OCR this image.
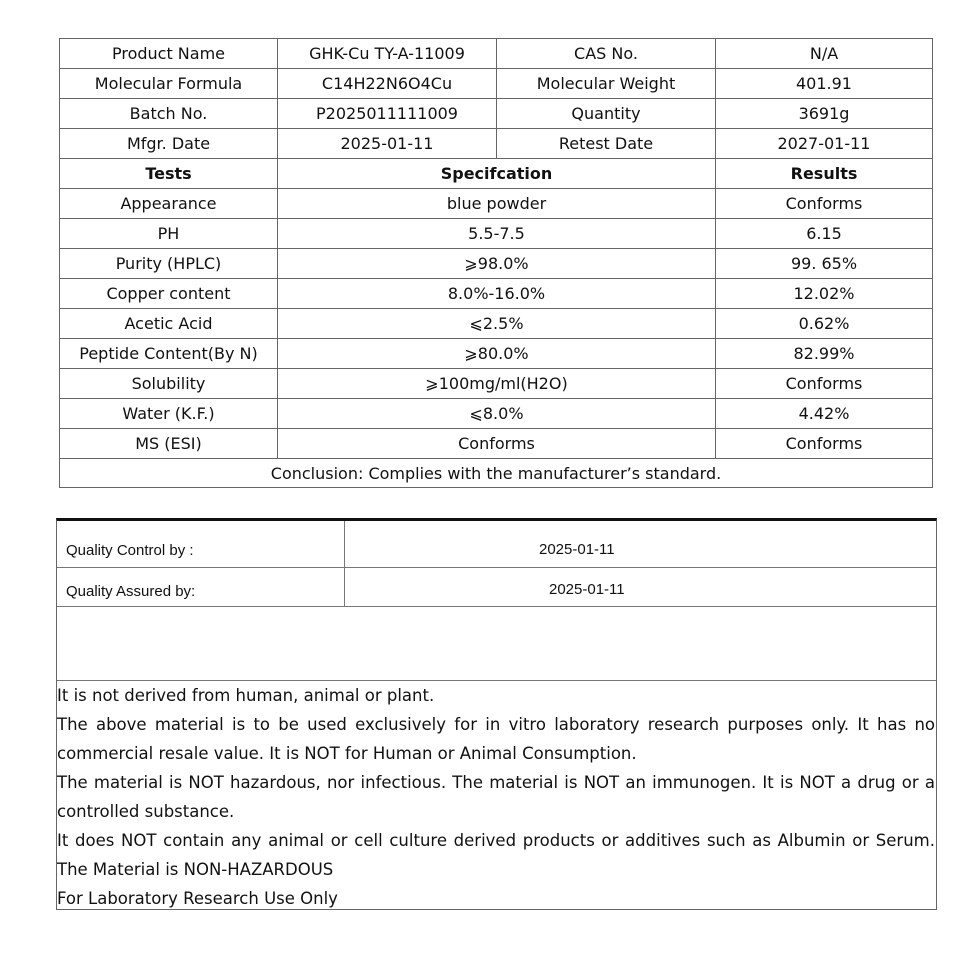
Product Name	GHK-Cu TY-A-11009	CAS No.	N/A
Molecular Formula	C14H22N6O4Cu	Molecular Weight	401.91
Batch No.	P2025011111009	Quantity	3691g
Mfgr. Date	2025-01-11	Retest Date	2027-01-11
Tests	Specifcation		Results
Appearance	blue powder		Conforms
PH	5.5-7.5		6.15
Purity (HPLC)	⩾98.0%		99. 65%
Copper content	8.0%-16.0%		12.02%
Acetic Acid	⩽2.5%		0.62%
Peptide Content(By N)	⩾80.0%		82.99%
Solubility	⩾100mg/ml(H2O)		Conforms
Water (K.F.)	⩽8.0%		4.42%
MS (ESI)	Conforms		Conforms
Conclusion: Complies with the manufacturer’s standard.			
Quality Control by :	2025-01-11
Quality Assured by:	2025-01-11

It is not derived from human, animal or plant.

The above material is to be used exclusively for in vitro laboratory research purposes only. It has no commercial resale value. It is NOT for Human or Animal Consumption.

The material is NOT hazardous, nor infectious. The material is NOT an immunogen. It is NOT a drug or a controlled substance.

It does NOT contain any animal or cell culture derived products or additives such as Albumin or Serum. The Material is NON-HAZARDOUS

For Laboratory Research Use Only
